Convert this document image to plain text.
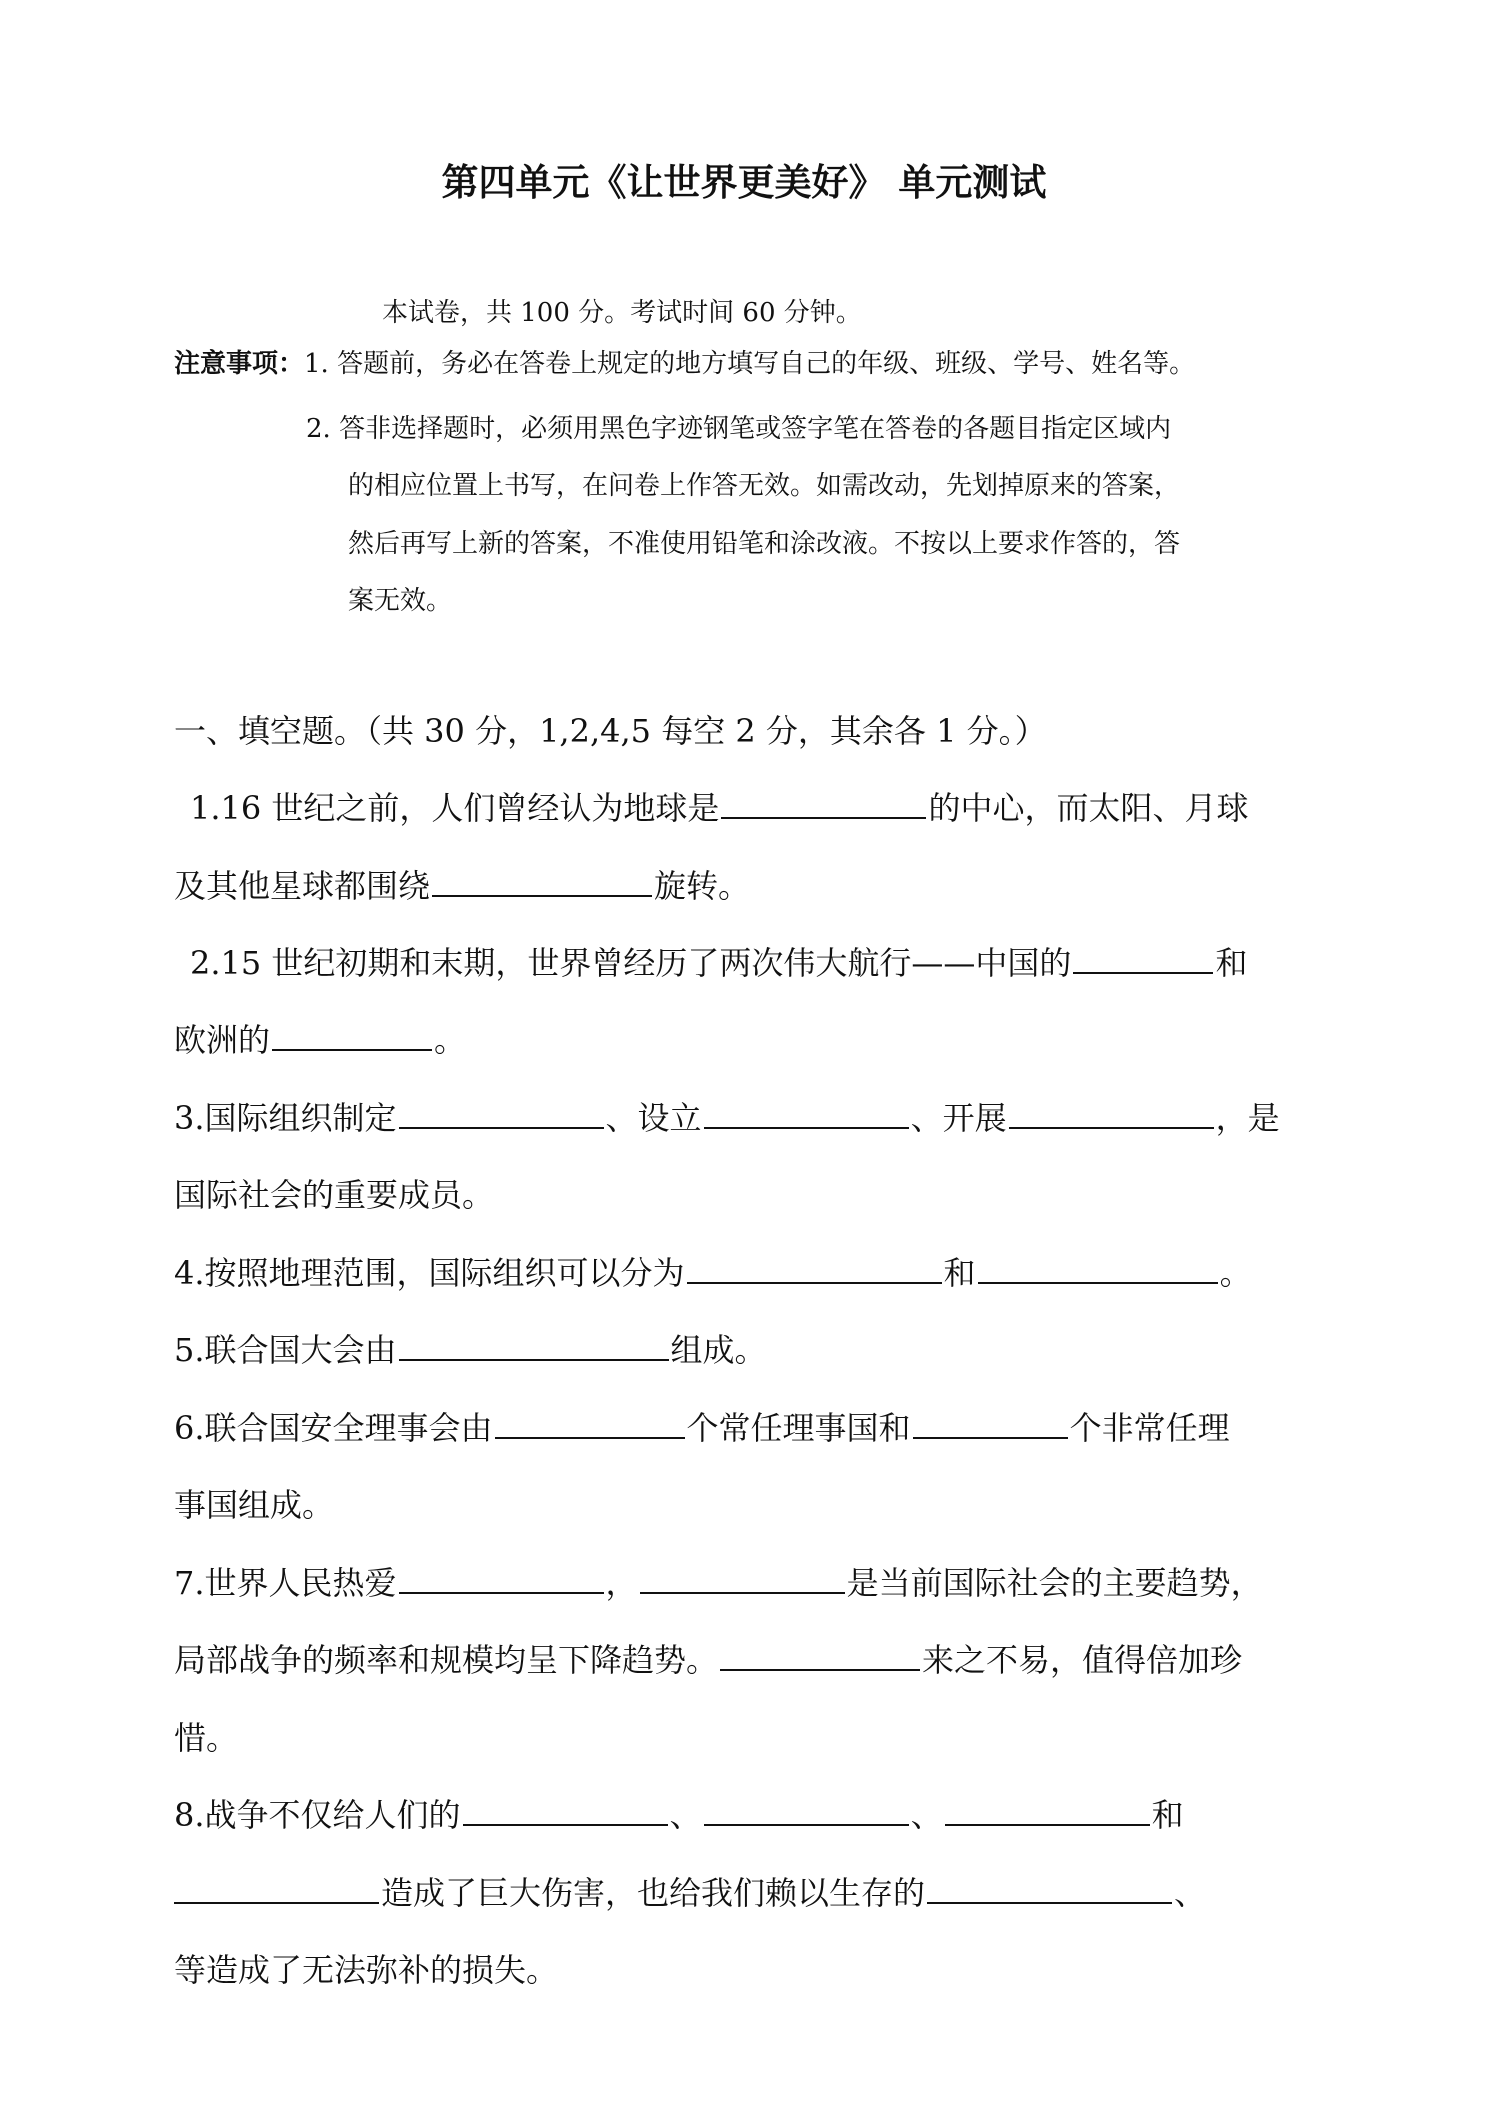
第四单元《让世界更美好》 单元测试
本试卷，共 100 分。考试时间 60 分钟。
注意事项：1. 答题前，务必在答卷上规定的地方填写自己的年级、班级、学号、姓名等。
2. 答非选择题时，必须用黑色字迹钢笔或签字笔在答卷的各题目指定区域内
的相应位置上书写，在问卷上作答无效。如需改动，先划掉原来的答案，
然后再写上新的答案，不准使用铅笔和涂改液。不按以上要求作答的，答
案无效。
一、填空题。（共 30 分，1,2,4,5 每空 2 分，其余各 1 分。）
1.16 世纪之前，人们曾经认为地球是	的中心，而太阳、月球
及其他星球都围绕	旋转。
2.15 世纪初期和末期，世界曾经历了两次伟大航行——中国的	和
欧洲的	。
3.国际组织制定	、设立	、开展	，是
国际社会的重要成员。
4.按照地理范围，国际组织可以分为	和	。
5.联合国大会由	组成。
6.联合国安全理事会由	个常任理事国和	个非常任理
事国组成。
7.世界人民热爱	，	是当前国际社会的主要趋势，
局部战争的频率和规模均呈下降趋势。	来之不易，值得倍加珍
惜。
8.战争不仅给人们的	、	、	和
造成了巨大伤害，也给我们赖以生存的	、
等造成了无法弥补的损失。
